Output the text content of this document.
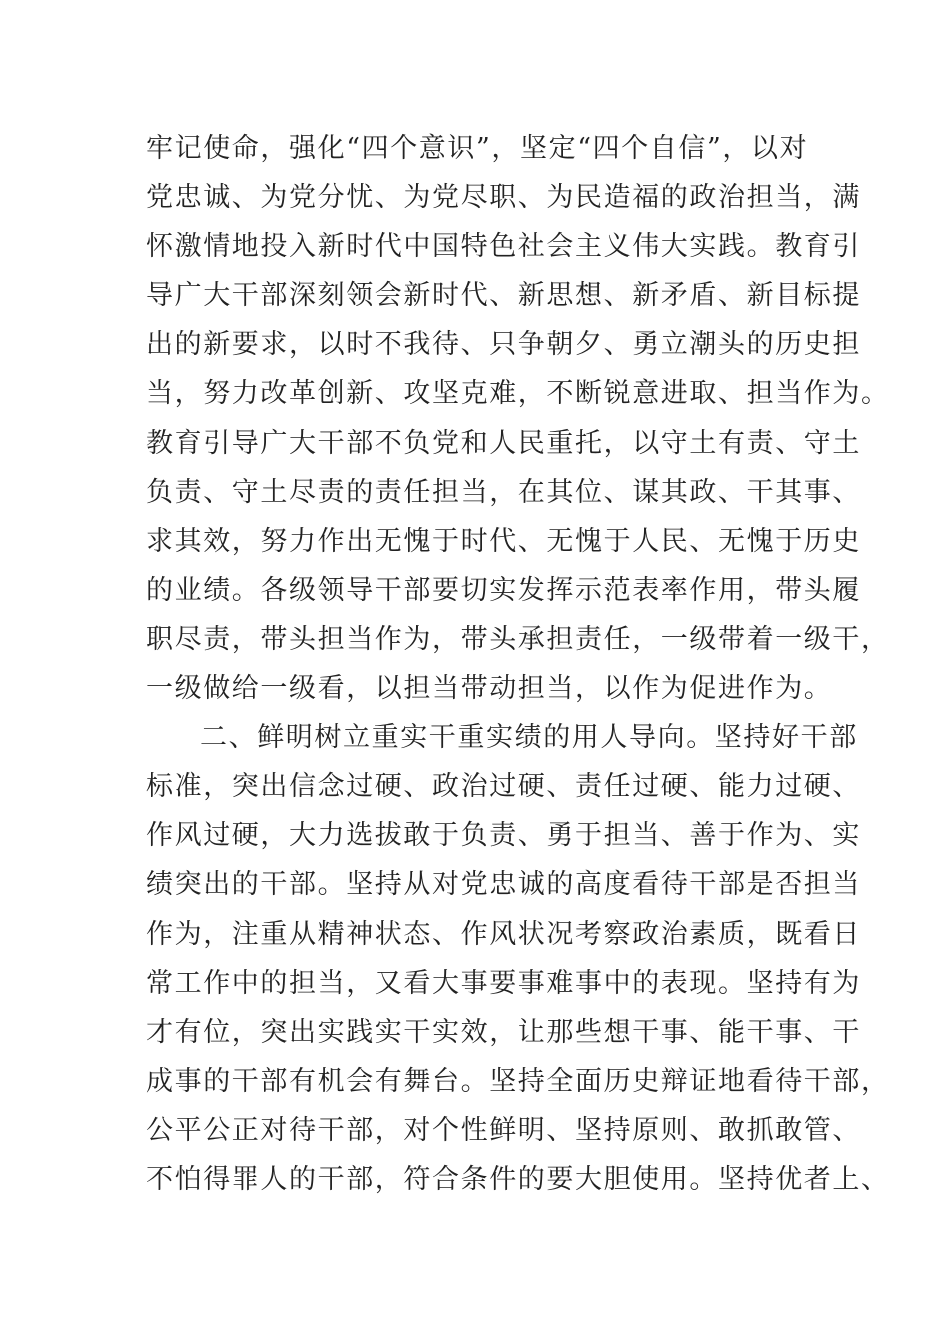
牢记使命，强化“四个意识”，坚定“四个自信”，以对
党忠诚、为党分忧、为党尽职、为民造福的政治担当，满
怀激情地投入新时代中国特色社会主义伟大实践。教育引
导广大干部深刻领会新时代、新思想、新矛盾、新目标提
出的新要求，以时不我待、只争朝夕、勇立潮头的历史担
当，努力改革创新、攻坚克难，不断锐意进取、担当作为。
教育引导广大干部不负党和人民重托，以守土有责、守土
负责、守土尽责的责任担当，在其位、谋其政、干其事、
求其效，努力作出无愧于时代、无愧于人民、无愧于历史
的业绩。各级领导干部要切实发挥示范表率作用，带头履
职尽责，带头担当作为，带头承担责任，一级带着一级干，
一级做给一级看，以担当带动担当，以作为促进作为。
二、鲜明树立重实干重实绩的用人导向。坚持好干部
标准，突出信念过硬、政治过硬、责任过硬、能力过硬、
作风过硬，大力选拔敢于负责、勇于担当、善于作为、实
绩突出的干部。坚持从对党忠诚的高度看待干部是否担当
作为，注重从精神状态、作风状况考察政治素质，既看日
常工作中的担当，又看大事要事难事中的表现。坚持有为
才有位，突出实践实干实效，让那些想干事、能干事、干
成事的干部有机会有舞台。坚持全面历史辩证地看待干部，
公平公正对待干部，对个性鲜明、坚持原则、敢抓敢管、
不怕得罪人的干部，符合条件的要大胆使用。坚持优者上、
